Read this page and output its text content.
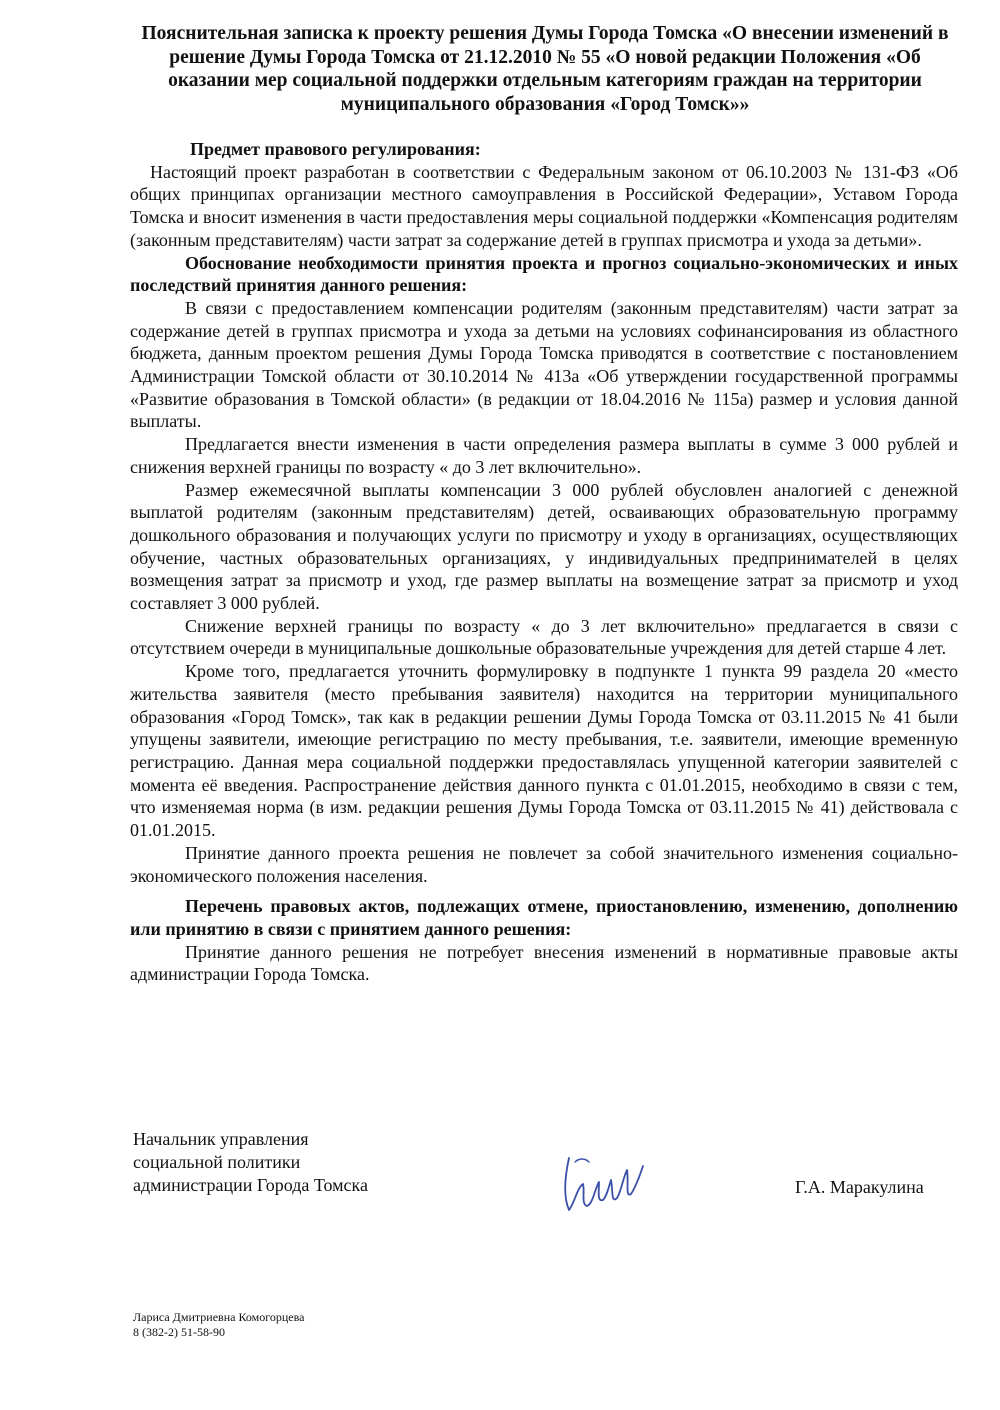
Пояснительная записка к проекту решения Думы Города Томска «О внесении изменений в решение Думы Города Томска от 21.12.2010 № 55 «О новой редакции Положения «Об оказании мер социальной поддержки отдельным категориям граждан на территории муниципального образования «Город Томск»»

Предмет правового регулирования:

Настоящий проект разработан в соответствии с Федеральным законом от 06.10.2003 № 131-ФЗ «Об общих принципах организации местного самоуправления в Российской Федерации», Уставом Города Томска и вносит изменения в части предоставления меры социальной поддержки «Компенсация родителям (законным представителям) части затрат за содержание детей в группах присмотра и ухода за детьми».

Обоснование необходимости принятия проекта и прогноз социально-экономических и иных последствий принятия данного решения:

В связи с предоставлением компенсации родителям (законным представителям) части затрат за содержание детей в группах присмотра и ухода за детьми на условиях софинансирования из областного бюджета, данным проектом решения Думы Города Томска приводятся в соответствие с постановлением Администрации Томской области от 30.10.2014 № 413а «Об утверждении государственной программы «Развитие образования в Томской области» (в редакции от 18.04.2016 № 115а) размер и условия данной выплаты.

Предлагается внести изменения в части определения размера выплаты в сумме 3 000 рублей и снижения верхней границы по возрасту « до 3 лет включительно».

Размер ежемесячной выплаты компенсации 3 000 рублей обусловлен аналогией с денежной выплатой родителям (законным представителям) детей, осваивающих образовательную программу дошкольного образования и получающих услуги по присмотру и уходу в организациях, осуществляющих обучение, частных образовательных организациях, у индивидуальных предпринимателей в целях возмещения затрат за присмотр и уход, где размер выплаты на возмещение затрат за присмотр и уход составляет 3 000 рублей.

Снижение верхней границы по возрасту « до 3 лет включительно» предлагается в связи с отсутствием очереди в муниципальные дошкольные образовательные учреждения для детей старше 4 лет.

Кроме того, предлагается уточнить формулировку в подпункте 1 пункта 99 раздела 20 «место жительства заявителя (место пребывания заявителя) находится на территории муниципального образования «Город Томск», так как в редакции решении Думы Города Томска от 03.11.2015 № 41 были упущены заявители, имеющие регистрацию по месту пребывания, т.е. заявители, имеющие временную регистрацию. Данная мера социальной поддержки предоставлялась упущенной категории заявителей с момента её введения. Распространение действия данного пункта с 01.01.2015, необходимо в связи с тем, что изменяемая норма (в изм. редакции решения Думы Города Томска от 03.11.2015 № 41) действовала с 01.01.2015.

Принятие данного проекта решения не повлечет за собой значительного изменения социально-экономического положения населения.

Перечень правовых актов, подлежащих отмене, приостановлению, изменению, дополнению или принятию в связи с принятием данного решения:

Принятие данного решения не потребует внесения изменений в нормативные правовые акты администрации Города Томска.

Начальник управления
социальной политики
администрации Города Томска	Г.А. Маракулина
Лариса Дмитриевна Комогорцева
8 (382-2) 51-58-90
